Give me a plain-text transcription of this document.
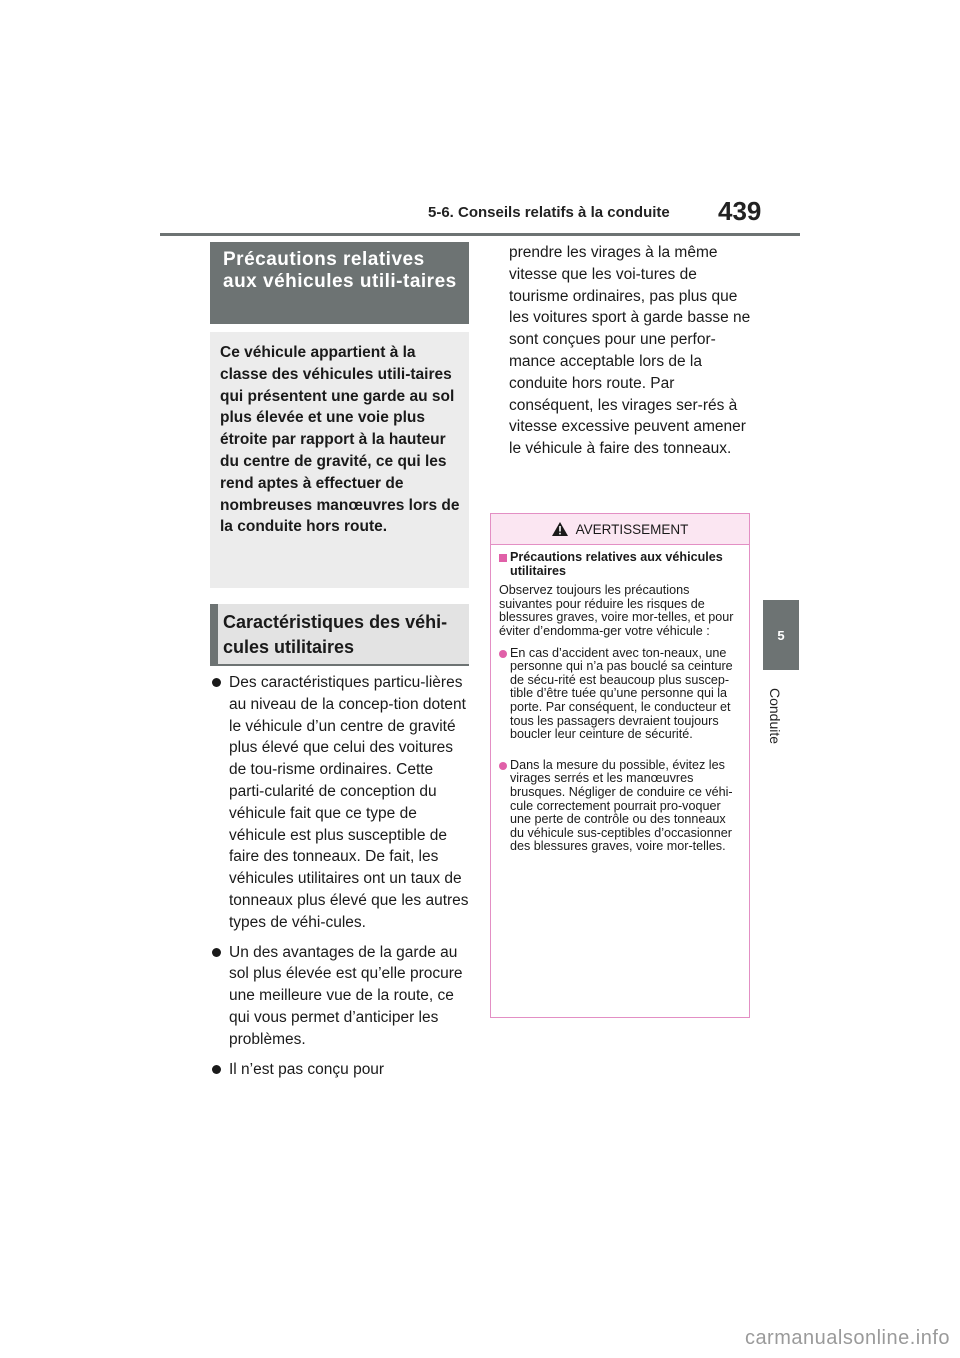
5-6. Conseils relatifs à la conduite 439
5
Conduite
Précautions relatives aux véhicules utili-taires
Ce véhicule appartient à la classe des véhicules utili-taires qui présentent une garde au sol plus élevée et une voie plus étroite par rapport à la hauteur du centre de gravité, ce qui les rend aptes à effectuer de nombreuses manœuvres lors de la conduite hors route.
Caractéristiques des véhi-cules utilitaires
Des caractéristiques particu-lières au niveau de la concep-tion dotent le véhicule d’un centre de gravité plus élevé que celui des voitures de tou-risme ordinaires. Cette parti-cularité de conception du véhicule fait que ce type de véhicule est plus susceptible de faire des tonneaux. De fait, les véhicules utilitaires ont un taux de tonneaux plus élevé que les autres types de véhi-cules.
Un des avantages de la garde au sol plus élevée est qu’elle procure une meilleure vue de la route, ce qui vous permet d’anticiper les problèmes.
Il n’est pas conçu pour
prendre les virages à la même vitesse que les voi-tures de tourisme ordinaires, pas plus que les voitures sport à garde basse ne sont conçues pour une perfor-mance acceptable lors de la conduite hors route. Par conséquent, les virages ser-rés à vitesse excessive peuvent amener le véhicule à faire des tonneaux.
AVERTISSEMENT
Précautions relatives aux véhicules utilitaires
Observez toujours les précautions suivantes pour réduire les risques de blessures graves, voire mor-telles, et pour éviter d’endomma-ger votre véhicule :
En cas d’accident avec ton-neaux, une personne qui n’a pas bouclé sa ceinture de sécu-rité est beaucoup plus suscep-tible d’être tuée qu’une personne qui la porte. Par conséquent, le conducteur et tous les passagers devraient toujours boucler leur ceinture de sécurité.
Dans la mesure du possible, évitez les virages serrés et les manœuvres brusques. Négliger de conduire ce véhi-cule correctement pourrait pro-voquer une perte de contrôle ou des tonneaux du véhicule sus-ceptibles d’occasionner des blessures graves, voire mor-telles.
carmanualsonline.info
